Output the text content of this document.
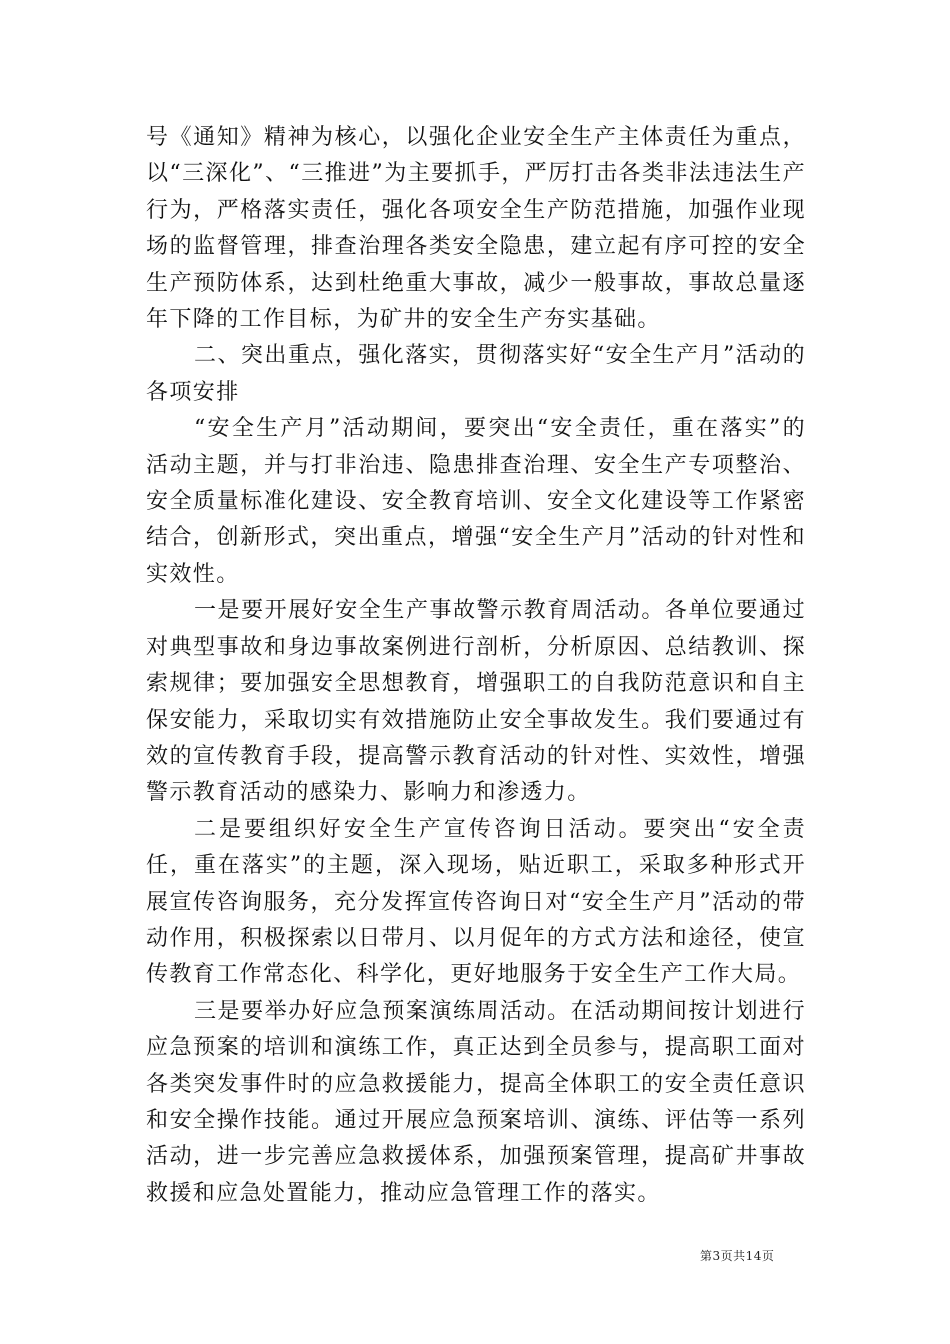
号《通知》精神为核心，以强化企业安全生产主体责任为重点，以“三深化”、“三推进”为主要抓手，严厉打击各类非法违法生产行为，严格落实责任，强化各项安全生产防范措施，加强作业现场的监督管理，排查治理各类安全隐患，建立起有序可控的安全生产预防体系，达到杜绝重大事故，减少一般事故，事故总量逐年下降的工作目标，为矿井的安全生产夯实基础。

二、突出重点，强化落实，贯彻落实好“安全生产月”活动的各项安排

“安全生产月”活动期间，要突出“安全责任，重在落实”的活动主题，并与打非治违、隐患排查治理、安全生产专项整治、安全质量标准化建设、安全教育培训、安全文化建设等工作紧密结合，创新形式，突出重点，增强“安全生产月”活动的针对性和实效性。

一是要开展好安全生产事故警示教育周活动。各单位要通过对典型事故和身边事故案例进行剖析，分析原因、总结教训、探索规律；要加强安全思想教育，增强职工的自我防范意识和自主保安能力，采取切实有效措施防止安全事故发生。我们要通过有效的宣传教育手段，提高警示教育活动的针对性、实效性，增强警示教育活动的感染力、影响力和渗透力。

二是要组织好安全生产宣传咨询日活动。要突出“安全责任，重在落实”的主题，深入现场，贴近职工，采取多种形式开展宣传咨询服务，充分发挥宣传咨询日对“安全生产月”活动的带动作用，积极探索以日带月、以月促年的方式方法和途径，使宣传教育工作常态化、科学化，更好地服务于安全生产工作大局。

三是要举办好应急预案演练周活动。在活动期间按计划进行应急预案的培训和演练工作，真正达到全员参与，提高职工面对各类突发事件时的应急救援能力，提高全体职工的安全责任意识和安全操作技能。通过开展应急预案培训、演练、评估等一系列活动，进一步完善应急救援体系，加强预案管理，提高矿井事故救援和应急处置能力，推动应急管理工作的落实。

第3页共14页
